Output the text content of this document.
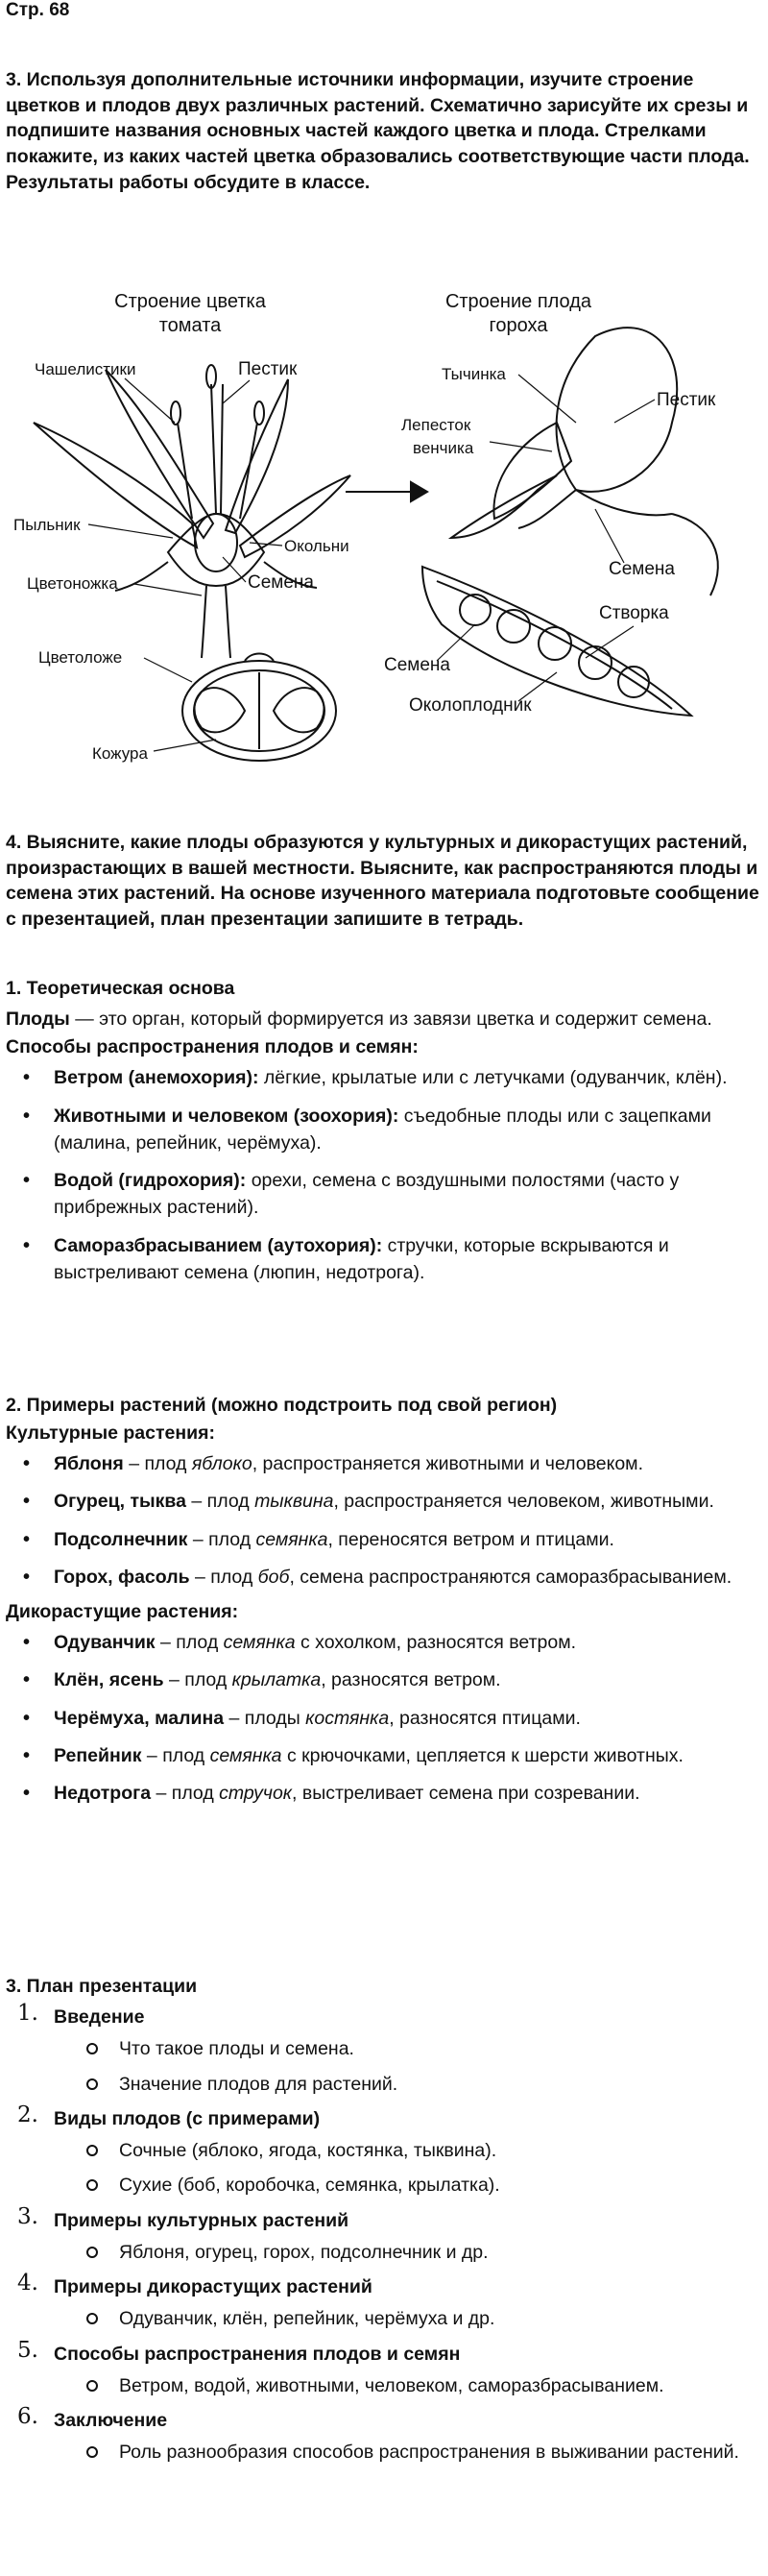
Стр. 68
3. Используя дополнительные источники информации, изучите строение цветков и плодов двух различных растений. Схематично зарисуйте их срезы и подпишите названия основных частей каждого цветка и плода. Стрелками покажите, из каких частей цветка образовались соответствующие части плода. Результаты работы обсудите в классе.
Строение цветка
томата
Строение плода
гороха
Чашелистики	Пестик
Пыльник
Окольни
Цветоножка	Семена
Цветоложе
Кожура
Тычинка
Пестик
Лепесток
венчика
Семена
Створка
Семена
Околоплодник
4. Выясните, какие плоды образуются у культурных и дикорастущих растений, произрастающих в вашей местности. Выясните, как распространяются плоды и семена этих растений. На основе изученного материала подготовьте сообщение с презентацией, план презентации запишите в тетрадь.
1. Теоретическая основа

Плоды — это орган, который формируется из завязи цветка и содержит семена.

Способы распространения плодов и семян:
• Ветром (анемохория): лёгкие, крылатые или с летучками (одуванчик, клён).
• Животными и человеком (зоохория): съедобные плоды или с зацепками (малина, репейник, черёмуха).
• Водой (гидрохория): орехи, семена с воздушными полостями (часто у прибрежных растений).
• Саморазбрасыванием (аутохория): стручки, которые вскрываются и выстреливают семена (люпин, недотрога).
2. Примеры растений (можно подстроить под свой регион)
Культурные растения:
• Яблоня – плод яблоко, распространяется животными и человеком.
• Огурец, тыква – плод тыквина, распространяется человеком, животными.
• Подсолнечник – плод семянка, переносятся ветром и птицами.
• Горох, фасоль – плод боб, семена распространяются саморазбрасыванием.
Дикорастущие растения:
• Одуванчик – плод семянка с хохолком, разносятся ветром.
• Клён, ясень – плод крылатка, разносятся ветром.
• Черёмуха, малина – плоды костянка, разносятся птицами.
• Репейник – плод семянка с крючочками, цепляется к шерсти животных.
• Недотрога – плод стручок, выстреливает семена при созревании.
3. План презентации
1. Введение
Что такое плоды и семена.
Значение плодов для растений.
2. Виды плодов (с примерами)
Сочные (яблоко, ягода, костянка, тыквина).
Сухие (боб, коробочка, семянка, крылатка).
3. Примеры культурных растений
Яблоня, огурец, горох, подсолнечник и др.
4. Примеры дикорастущих растений
Одуванчик, клён, репейник, черёмуха и др.
5. Способы распространения плодов и семян
Ветром, водой, животными, человеком, саморазбрасыванием.
6. Заключение
Роль разнообразия способов распространения в выживании растений.
